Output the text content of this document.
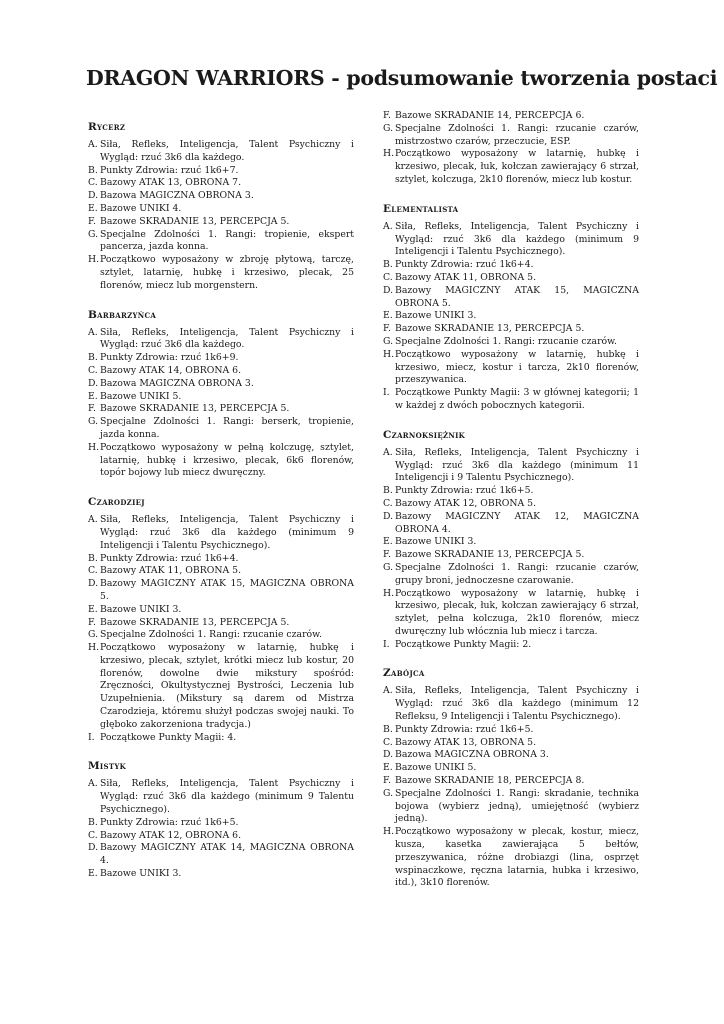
DRAGON WARRIORS - podsumowanie tworzenia postaci
Rycerz
A. Siła, Refleks, Inteligencja, Talent Psychiczny i Wygląd: rzuć 3k6 dla każdego.
B. Punkty Zdrowia: rzuć 1k6+7.
C. Bazowy ATAK 13, OBRONA 7.
D. Bazowa MAGICZNA OBRONA 3.
E. Bazowe UNIKI 4.
F. Bazowe SKRADANIE 13, PERCEPCJA 5.
G. Specjalne Zdolności 1. Rangi: tropienie, ekspert pancerza, jazda konna.
H. Początkowo wyposażony w zbroję płytową, tarczę, sztylet, latarnię, hubkę i krzesiwo, plecak, 25 florenów, miecz lub morgenstern.
Barbarzyńca
A. Siła, Refleks, Inteligencja, Talent Psychiczny i Wygląd: rzuć 3k6 dla każdego.
B. Punkty Zdrowia: rzuć 1k6+9.
C. Bazowy ATAK 14, OBRONA 6.
D. Bazowa MAGICZNA OBRONA 3.
E. Bazowe UNIKI 5.
F. Bazowe SKRADANIE 13, PERCEPCJA 5.
G. Specjalne Zdolności 1. Rangi: berserk, tropienie, jazda konna.
H. Początkowo wyposażony w pełną kolczugę, sztylet, latarnię, hubkę i krzesiwo, plecak, 6k6 florenów, topór bojowy lub miecz dwuręczny.
Czarodziej
A. Siła, Refleks, Inteligencja, Talent Psychiczny i Wygląd: rzuć 3k6 dla każdego (minimum 9 Inteligencji i Talentu Psychicznego).
B. Punkty Zdrowia: rzuć 1k6+4.
C. Bazowy ATAK 11, OBRONA 5.
D. Bazowy MAGICZNY ATAK 15, MAGICZNA OBRONA 5.
E. Bazowe UNIKI 3.
F. Bazowe SKRADANIE 13, PERCEPCJA 5.
G. Specjalne Zdolności 1. Rangi: rzucanie czarów.
H. Początkowo wyposażony w latarnię, hubkę i krzesiwo, plecak, sztylet, krótki miecz lub kostur, 20 florenów, dowolne dwie mikstury spośród: Zręczności, Okultystycznej Bystrości, Leczenia lub Uzupełnienia. (Mikstury są darem od Mistrza Czarodzieja, któremu służył podczas swojej nauki. To głęboko zakorzeniona tradycja.)
I. Początkowe Punkty Magii: 4.
Mistyk
A. Siła, Refleks, Inteligencja, Talent Psychiczny i Wygląd: rzuć 3k6 dla każdego (minimum 9 Talentu Psychicznego).
B. Punkty Zdrowia: rzuć 1k6+5.
C. Bazowy ATAK 12, OBRONA 6.
D. Bazowy MAGICZNY ATAK 14, MAGICZNA OBRONA 4.
E. Bazowe UNIKI 3.
F. Bazowe SKRADANIE 14, PERCEPCJA 6.
G. Specjalne Zdolności 1. Rangi: rzucanie czarów, mistrzostwo czarów, przeczucie, ESP.
H. Początkowo wyposażony w latarnię, hubkę i krzesiwo, plecak, łuk, kołczan zawierający 6 strzał, sztylet, kolczuga, 2k10 florenów, miecz lub kostur.
Elementalista
A. Siła, Refleks, Inteligencja, Talent Psychiczny i Wygląd: rzuć 3k6 dla każdego (minimum 9 Inteligencji i Talentu Psychicznego).
B. Punkty Zdrowia: rzuć 1k6+4.
C. Bazowy ATAK 11, OBRONA 5.
D. Bazowy MAGICZNY ATAK 15, MAGICZNA OBRONA 5.
E. Bazowe UNIKI 3.
F. Bazowe SKRADANIE 13, PERCEPCJA 5.
G. Specjalne Zdolności 1. Rangi: rzucanie czarów.
H. Początkowo wyposażony w latarnię, hubkę i krzesiwo, miecz, kostur i tarcza, 2k10 florenów, przeszywanica.
I. Początkowe Punkty Magii: 3 w głównej kategorii; 1 w każdej z dwóch pobocznych kategorii.
Czarnoksiężnik
A. Siła, Refleks, Inteligencja, Talent Psychiczny i Wygląd: rzuć 3k6 dla każdego (minimum 11 Inteligencji i 9 Talentu Psychicznego).
B. Punkty Zdrowia: rzuć 1k6+5.
C. Bazowy ATAK 12, OBRONA 5.
D. Bazowy MAGICZNY ATAK 12, MAGICZNA OBRONA 4.
E. Bazowe UNIKI 3.
F. Bazowe SKRADANIE 13, PERCEPCJA 5.
G. Specjalne Zdolności 1. Rangi: rzucanie czarów, grupy broni, jednoczesne czarowanie.
H. Początkowo wyposażony w latarnię, hubkę i krzesiwo, plecak, łuk, kołczan zawierający 6 strzał, sztylet, pełna kolczuga, 2k10 florenów, miecz dwuręczny lub włócznia lub miecz i tarcza.
I. Początkowe Punkty Magii: 2.
Zabójca
A. Siła, Refleks, Inteligencja, Talent Psychiczny i Wygląd: rzuć 3k6 dla każdego (minimum 12 Refleksu, 9 Inteligencji i Talentu Psychicznego).
B. Punkty Zdrowia: rzuć 1k6+5.
C. Bazowy ATAK 13, OBRONA 5.
D. Bazowa MAGICZNA OBRONA 3.
E. Bazowe UNIKI 5.
F. Bazowe SKRADANIE 18, PERCEPCJA 8.
G. Specjalne Zdolności 1. Rangi: skradanie, technika bojowa (wybierz jedną), umiejętność (wybierz jedną).
H. Początkowo wyposażony w plecak, kostur, miecz, kusza, kasetka zawierająca 5 bełtów, przeszywanica, różne drobiazgi (lina, osprzęt wspinaczkowe, ręczna latarnia, hubka i krzesiwo, itd.), 3k10 florenów.
